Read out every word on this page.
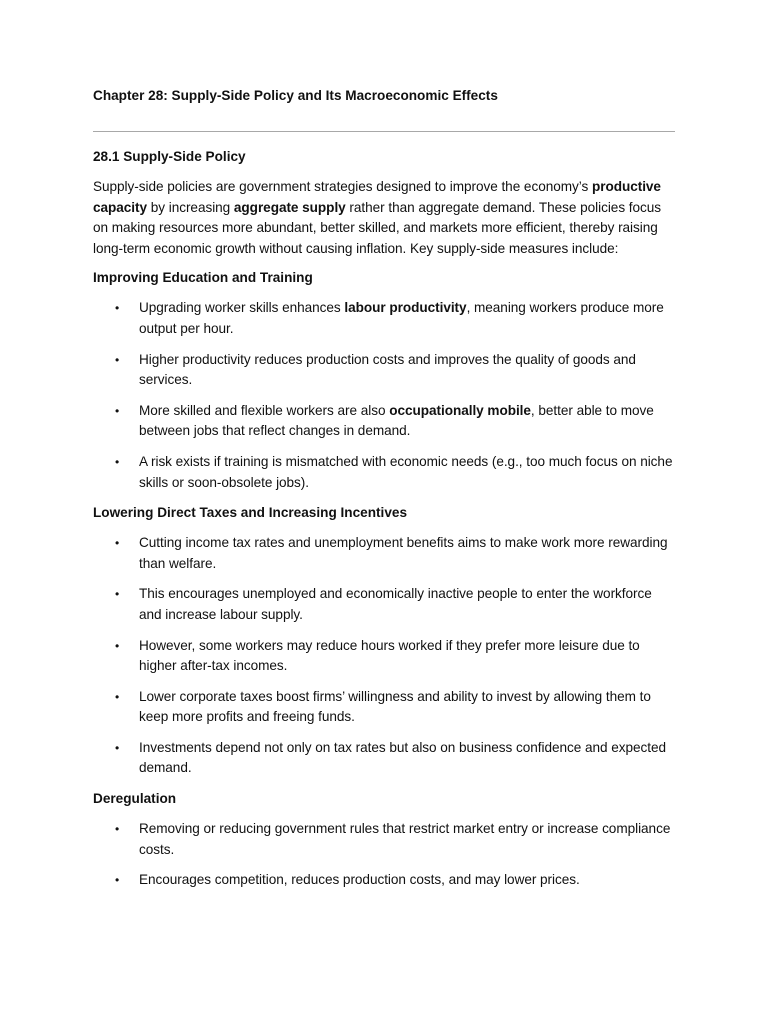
Chapter 28: Supply-Side Policy and Its Macroeconomic Effects

28.1 Supply-Side Policy

Supply-side policies are government strategies designed to improve the economy’s productive capacity by increasing aggregate supply rather than aggregate demand. These policies focus on making resources more abundant, better skilled, and markets more efficient, thereby raising long-term economic growth without causing inflation. Key supply-side measures include:

Improving Education and Training

• Upgrading worker skills enhances labour productivity, meaning workers produce more output per hour.
• Higher productivity reduces production costs and improves the quality of goods and services.
• More skilled and flexible workers are also occupationally mobile, better able to move between jobs that reflect changes in demand.
• A risk exists if training is mismatched with economic needs (e.g., too much focus on niche skills or soon-obsolete jobs).

Lowering Direct Taxes and Increasing Incentives

• Cutting income tax rates and unemployment benefits aims to make work more rewarding than welfare.
• This encourages unemployed and economically inactive people to enter the workforce and increase labour supply.
• However, some workers may reduce hours worked if they prefer more leisure due to higher after-tax incomes.
• Lower corporate taxes boost firms’ willingness and ability to invest by allowing them to keep more profits and freeing funds.
• Investments depend not only on tax rates but also on business confidence and expected demand.

Deregulation

• Removing or reducing government rules that restrict market entry or increase compliance costs.
• Encourages competition, reduces production costs, and may lower prices.
